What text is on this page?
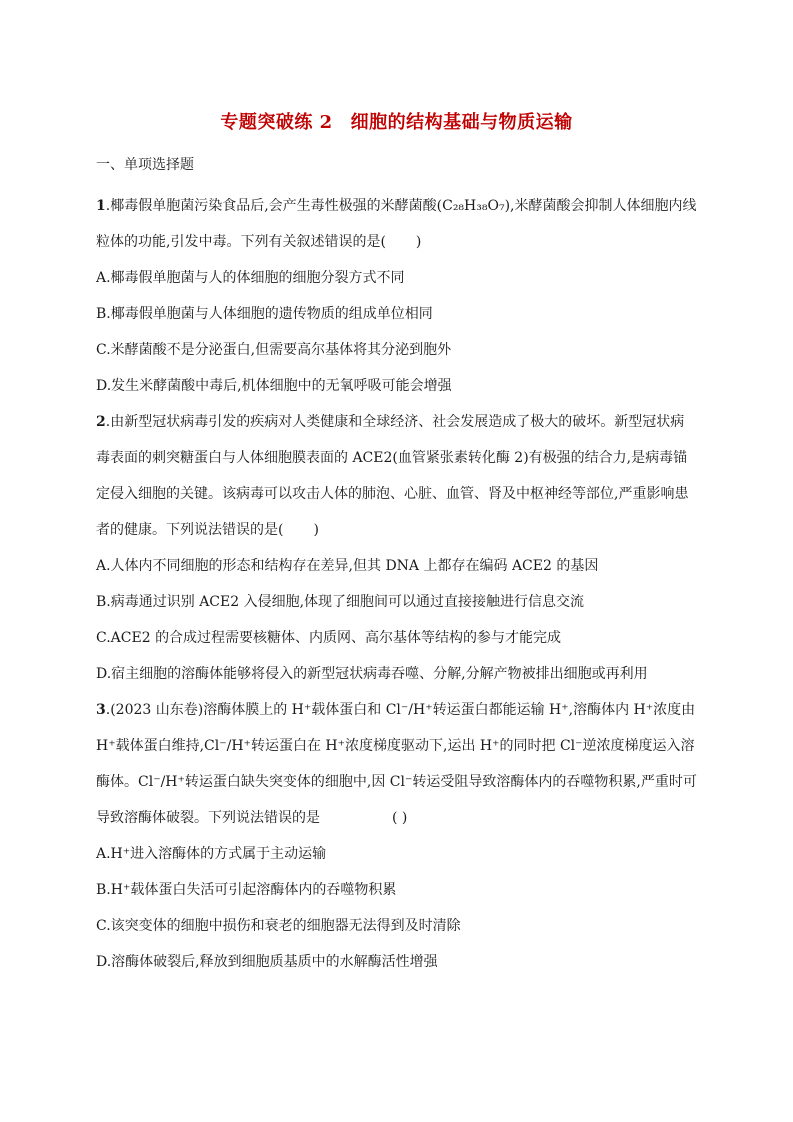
专题突破练 2 细胞的结构基础与物质运输
一、单项选择题

1.椰毒假单胞菌污染食品后,会产生毒性极强的米酵菌酸(C₂₈H₃₈O₇),米酵菌酸会抑制人体细胞内线粒体的功能,引发中毒。下列有关叙述错误的是( )

A.椰毒假单胞菌与人的体细胞的细胞分裂方式不同

B.椰毒假单胞菌与人体细胞的遗传物质的组成单位相同

C.米酵菌酸不是分泌蛋白,但需要高尔基体将其分泌到胞外

D.发生米酵菌酸中毒后,机体细胞中的无氧呼吸可能会增强

2.由新型冠状病毒引发的疾病对人类健康和全球经济、社会发展造成了极大的破坏。新型冠状病毒表面的刺突糖蛋白与人体细胞膜表面的 ACE2(血管紧张素转化酶 2)有极强的结合力,是病毒锚定侵入细胞的关键。该病毒可以攻击人体的肺泡、心脏、血管、肾及中枢神经等部位,严重影响患者的健康。下列说法错误的是( )

A.人体内不同细胞的形态和结构存在差异,但其 DNA 上都存在编码 ACE2 的基因

B.病毒通过识别 ACE2 入侵细胞,体现了细胞间可以通过直接接触进行信息交流

C.ACE2 的合成过程需要核糖体、内质网、高尔基体等结构的参与才能完成

D.宿主细胞的溶酶体能够将侵入的新型冠状病毒吞噬、分解,分解产物被排出细胞或再利用

3.(2023 山东卷)溶酶体膜上的 H⁺载体蛋白和 Cl⁻/H⁺转运蛋白都能运输 H⁺,溶酶体内 H⁺浓度由 H⁺载体蛋白维持,Cl⁻/H⁺转运蛋白在 H⁺浓度梯度驱动下,运出 H⁺的同时把 Cl⁻逆浓度梯度运入溶酶体。Cl⁻/H⁺转运蛋白缺失突变体的细胞中,因 Cl⁻转运受阻导致溶酶体内的吞噬物积累,严重时可导致溶酶体破裂。下列说法错误的是	( )

A.H⁺进入溶酶体的方式属于主动运输

B.H⁺载体蛋白失活可引起溶酶体内的吞噬物积累

C.该突变体的细胞中损伤和衰老的细胞器无法得到及时清除

D.溶酶体破裂后,释放到细胞质基质中的水解酶活性增强
